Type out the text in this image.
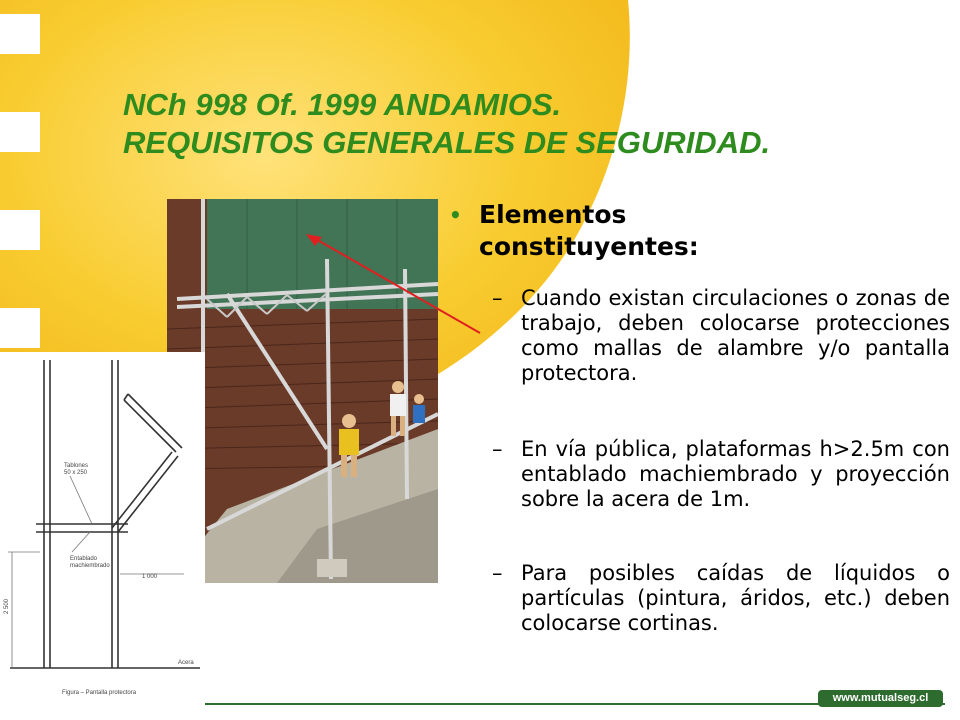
NCh 998 Of. 1999 ANDAMIOS.
REQUISITOS GENERALES DE SEGURIDAD.
Tablones
50 x 250
Entablado
machiembrado
1 000
2 500
Acera
Figura – Pantalla protectora
• Elementos constituyentes:
– Cuando existan circulaciones o zonas de trabajo, deben colocarse protecciones como mallas de alambre y/o pantalla protectora.
– En vía pública, plataformas h>2.5m con entablado machiembrado y proyección sobre la acera de 1m.
– Para posibles caídas de líquidos o partículas (pintura, áridos, etc.) deben colocarse cortinas.
www.mutualseg.cl
